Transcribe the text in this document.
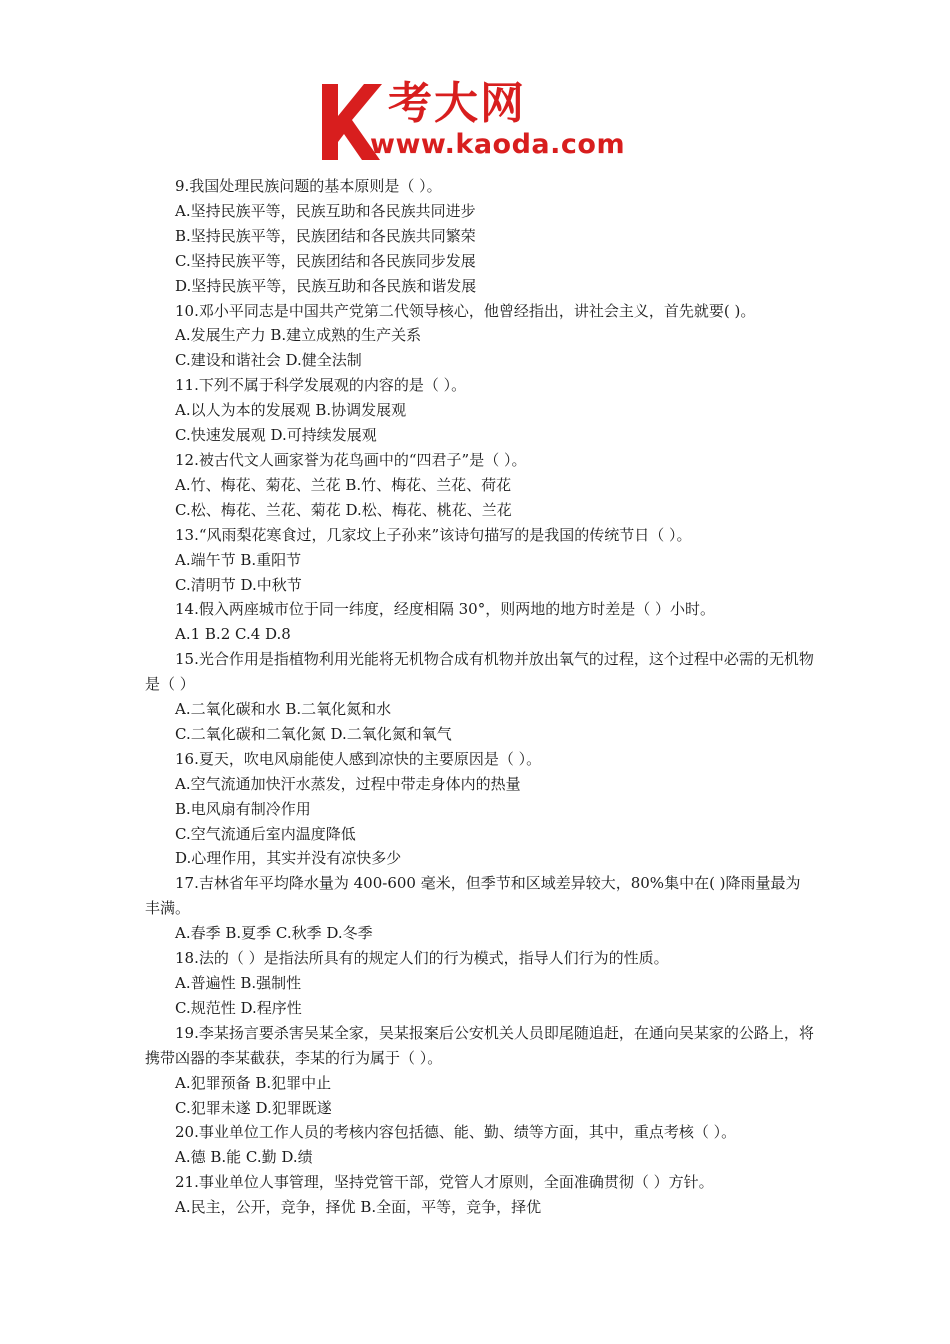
考大网
www.kaoda.com
9.我国处理民族问题的基本原则是（ ）。
A.坚持民族平等，民族互助和各民族共同进步
B.坚持民族平等，民族团结和各民族共同繁荣
C.坚持民族平等，民族团结和各民族同步发展
D.坚持民族平等，民族互助和各民族和谐发展
10.邓小平同志是中国共产党第二代领导核心，他曾经指出，讲社会主义，首先就要( )。
A.发展生产力 B.建立成熟的生产关系
C.建设和谐社会 D.健全法制
11.下列不属于科学发展观的内容的是（ ）。
A.以人为本的发展观 B.协调发展观
C.快速发展观 D.可持续发展观
12.被古代文人画家誉为花鸟画中的“四君子”是（ ）。
A.竹、梅花、菊花、兰花 B.竹、梅花、兰花、荷花
C.松、梅花、兰花、菊花 D.松、梅花、桃花、兰花
13.“风雨梨花寒食过，几家坟上子孙来”该诗句描写的是我国的传统节日（ ）。
A.端午节 B.重阳节
C.清明节 D.中秋节
14.假入两座城市位于同一纬度，经度相隔 30°，则两地的地方时差是（ ）小时。
A.1 B.2 C.4 D.8
15.光合作用是指植物利用光能将无机物合成有机物并放出氧气的过程，这个过程中必需的无机物是（ ）
A.二氧化碳和水 B.二氧化氮和水
C.二氧化碳和二氧化氮 D.二氧化氮和氧气
16.夏天，吹电风扇能使人感到凉快的主要原因是（ ）。
A.空气流通加快汗水蒸发，过程中带走身体内的热量
B.电风扇有制冷作用
C.空气流通后室内温度降低
D.心理作用，其实并没有凉快多少
17.吉林省年平均降水量为 400-600 毫米，但季节和区域差异较大，80%集中在( )降雨量最为丰满。
A.春季 B.夏季 C.秋季 D.冬季
18.法的（ ）是指法所具有的规定人们的行为模式，指导人们行为的性质。
A.普遍性 B.强制性
C.规范性 D.程序性
19.李某扬言要杀害吴某全家，吴某报案后公安机关人员即尾随追赶，在通向吴某家的公路上，将携带凶器的李某截获，李某的行为属于（ ）。
A.犯罪预备 B.犯罪中止
C.犯罪未遂 D.犯罪既遂
20.事业单位工作人员的考核内容包括德、能、勤、绩等方面，其中，重点考核（ ）。
A.德 B.能 C.勤 D.绩
21.事业单位人事管理，坚持党管干部，党管人才原则，全面准确贯彻（ ）方针。
A.民主，公开，竞争，择优 B.全面，平等，竞争，择优
